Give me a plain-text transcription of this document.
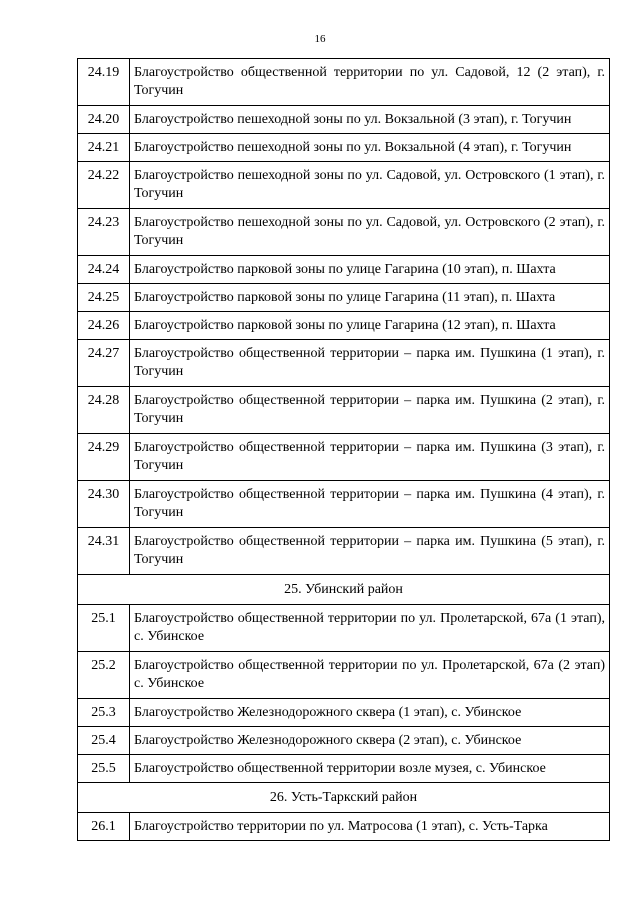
16
24.19	Благоустройство общественной территории по ул. Садовой, 12 (2 этап), г. Тогучин
24.20	Благоустройство пешеходной зоны по ул. Вокзальной (3 этап), г. Тогучин
24.21	Благоустройство пешеходной зоны по ул. Вокзальной (4 этап), г. Тогучин
24.22	Благоустройство пешеходной зоны по ул. Садовой, ул. Островского (1 этап), г. Тогучин
24.23	Благоустройство пешеходной зоны по ул. Садовой, ул. Островского (2 этап), г. Тогучин
24.24	Благоустройство парковой зоны по улице Гагарина (10 этап), п. Шахта
24.25	Благоустройство парковой зоны по улице Гагарина (11 этап), п. Шахта
24.26	Благоустройство парковой зоны по улице Гагарина (12 этап), п. Шахта
24.27	Благоустройство общественной территории – парка им. Пушкина (1 этап), г. Тогучин
24.28	Благоустройство общественной территории – парка им. Пушкина (2 этап), г. Тогучин
24.29	Благоустройство общественной территории – парка им. Пушкина (3 этап), г. Тогучин
24.30	Благоустройство общественной территории – парка им. Пушкина (4 этап), г. Тогучин
24.31	Благоустройство общественной территории – парка им. Пушкина (5 этап), г. Тогучин
25. Убинский район	
25.1	Благоустройство общественной территории по ул. Пролетарской, 67а (1 этап), с. Убинское
25.2	Благоустройство общественной территории по ул. Пролетарской, 67а (2 этап) с. Убинское
25.3	Благоустройство Железнодорожного сквера (1 этап), с. Убинское
25.4	Благоустройство Железнодорожного сквера (2 этап), с. Убинское
25.5	Благоустройство общественной территории возле музея, с. Убинское
26. Усть-Таркский район	
26.1	Благоустройство территории по ул. Матросова (1 этап), с. Усть-Тарка
